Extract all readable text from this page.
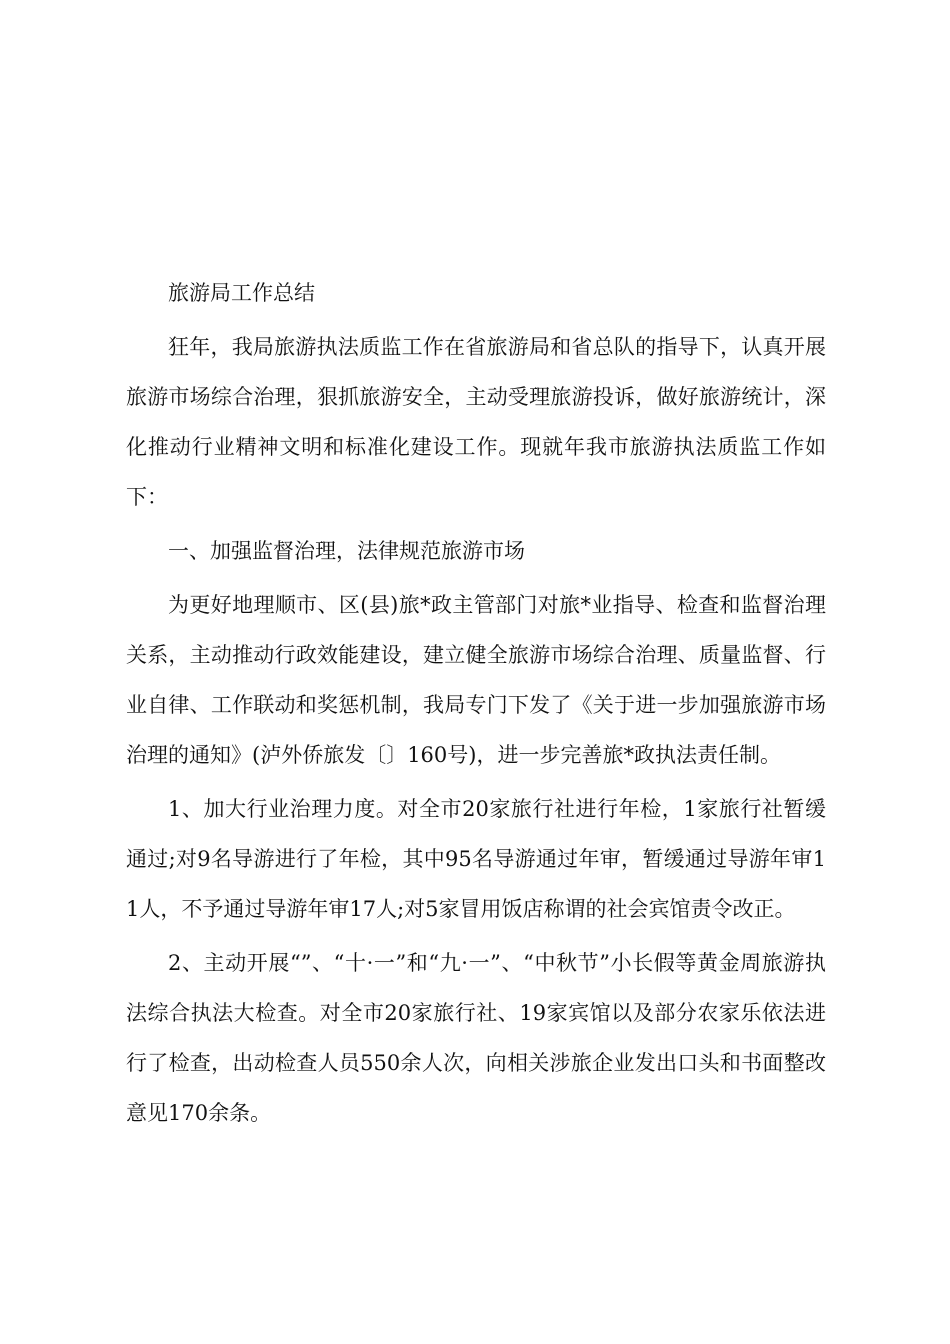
旅游局工作总结

狂年，我局旅游执法质监工作在省旅游局和省总队的指导下，认真开展旅游市场综合治理，狠抓旅游安全，主动受理旅游投诉，做好旅游统计，深化推动行业精神文明和标准化建设工作。现就年我市旅游执法质监工作如下：

一、加强监督治理，法律规范旅游市场

为更好地理顺市、区(县)旅*政主管部门对旅*业指导、检查和监督治理关系，主动推动行政效能建设，建立健全旅游市场综合治理、质量监督、行业自律、工作联动和奖惩机制，我局专门下发了《关于进一步加强旅游市场治理的通知》(泸外侨旅发〔〕160号)，进一步完善旅*政执法责任制。

1、加大行业治理力度。对全市20家旅行社进行年检，1家旅行社暂缓通过;对9名导游进行了年检，其中95名导游通过年审，暂缓通过导游年审11人，不予通过导游年审17人;对5家冒用饭店称谓的社会宾馆责令改正。

2、主动开展“”、“十·一”和“九·一”、“中秋节”小长假等黄金周旅游执法综合执法大检查。对全市20家旅行社、19家宾馆以及部分农家乐依法进行了检查，出动检查人员550余人次，向相关涉旅企业发出口头和书面整改意见170余条。
